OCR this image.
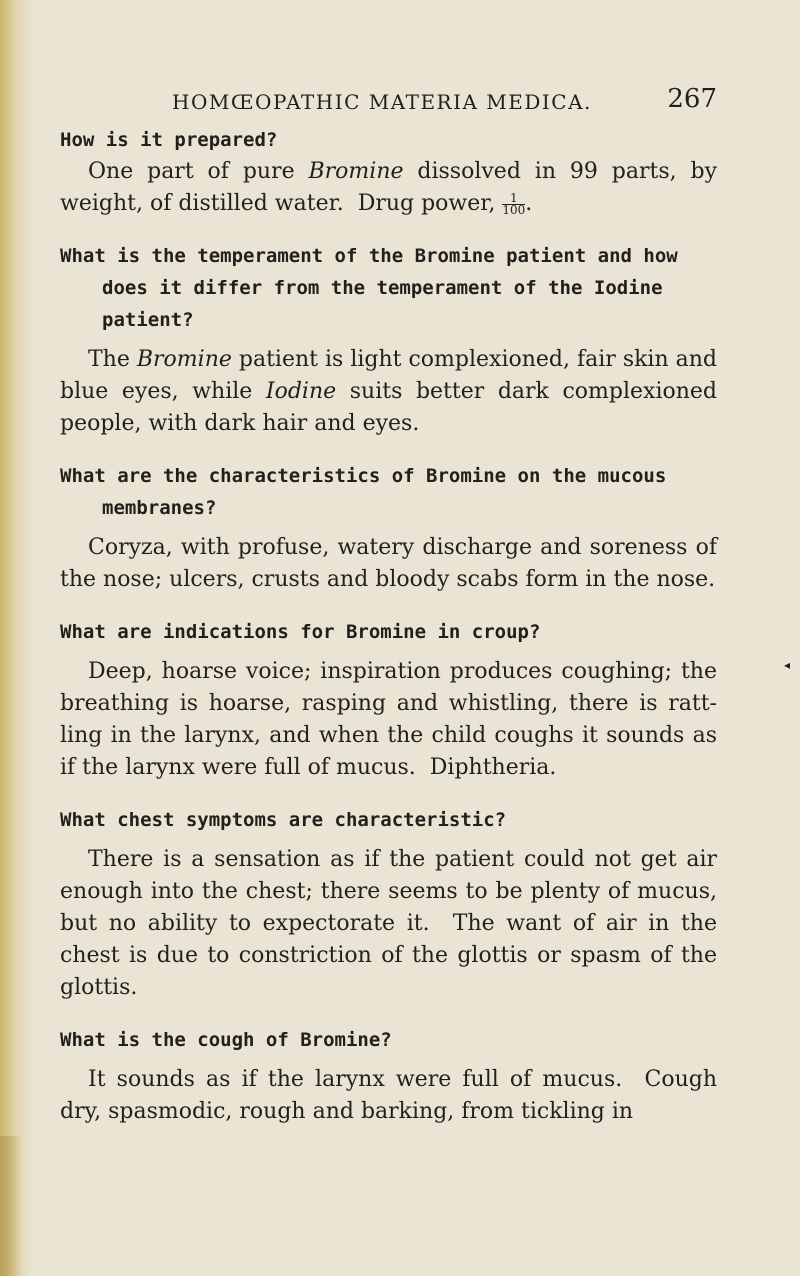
HOMŒOPATHIC MATERIA MEDICA.	267

How is it prepared?

One part of pure Bromine dissolved in 99 parts, by weight, of distilled water.  Drug power, $\frac{1}{100}$ .

What is the temperament of the Bromine patient and how does it differ from the temperament of the Iodine patient?

The Bromine patient is light complexioned, fair skin and blue eyes, while Iodine suits better dark complexioned people, with dark hair and eyes.

What are the characteristics of Bromine on the mucous membranes?

Coryza, with profuse, watery discharge and soreness of the nose; ulcers, crusts and bloody scabs form in the nose.

What are indications for Bromine in croup?

Deep, hoarse voice; inspiration produces coughing; the breathing is hoarse, rasping and whistling, there is ratt-ling in the larynx, and when the child coughs it sounds as if the larynx were full of mucus.  Diphtheria.

What chest symptoms are characteristic?

There is a sensation as if the patient could not get air enough into the chest; there seems to be plenty of mucus, but no ability to expectorate it.  The want of air in the chest is due to constriction of the glottis or spasm of the glottis.

What is the cough of Bromine?

It sounds as if the larynx were full of mucus.  Cough dry, spasmodic, rough and barking, from tickling in

◂
